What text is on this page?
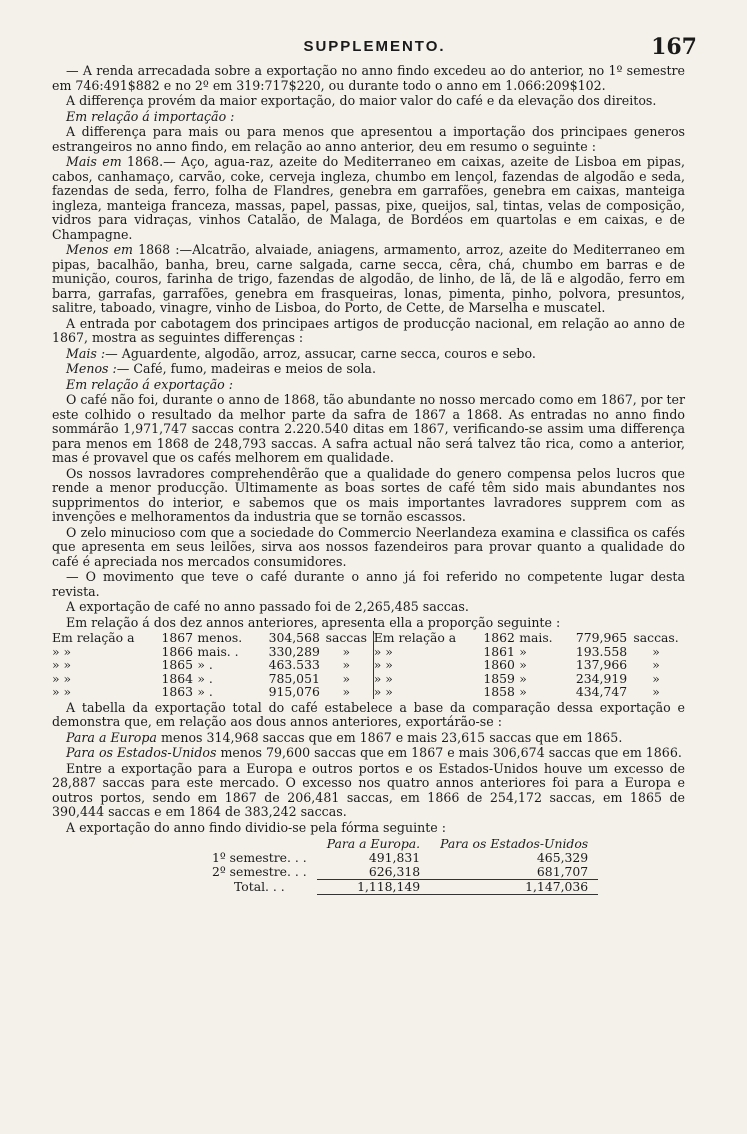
SUPPLEMENTO.	167

— A renda arrecadada sobre a exportação no anno findo excedeu ao do anterior, no 1º semestre em 746:491$882 e no 2º em 319:717$220, ou durante todo o anno em 1.066:209$102.

A differença provém da maior exportação, do maior valor do café e da elevação dos direitos.

Em relação á importação :

A differença para mais ou para menos que apresentou a importação dos principaes generos estrangeiros no anno findo, em relação ao anno anterior, deu em resumo o seguinte :

Mais em 1868.— Aço, agua-raz, azeite do Mediterraneo em caixas, azeite de Lisboa em pipas, cabos, canhamaço, carvão, coke, cerveja ingleza, chumbo em lençol, fazendas de algodão e seda, fazendas de seda, ferro, folha de Flandres, genebra em garrafões, genebra em caixas, manteiga ingleza, manteiga franceza, massas, papel, passas, pixe, queijos, sal, tintas, velas de composição, vidros para vidraças, vinhos Catalão, de Malaga, de Bordéos em quartolas e em caixas, e de Champagne.

Menos em 1868 :—Alcatrão, alvaiade, aniagens, armamento, arroz, azeite do Mediterraneo em pipas, bacalhão, banha, breu, carne salgada, carne secca, cêra, chá, chumbo em barras e de munição, couros, farinha de trigo, fazendas de algodão, de linho, de lã, de lã e algodão, ferro em barra, garrafas, garrafões, genebra em frasqueiras, lonas, pimenta, pinho, polvora, presuntos, salitre, taboado, vinagre, vinho de Lisboa, do Porto, de Cette, de Marselha e muscatel.

A entrada por cabotagem dos principaes artigos de producção nacional, em relação ao anno de 1867, mostra as seguintes differenças :

Mais :— Aguardente, algodão, arroz, assucar, carne secca, couros e sebo.

Menos :— Café, fumo, madeiras e meios de sola.

Em relação á exportação :

O café não foi, durante o anno de 1868, tão abundante no nosso mercado como em 1867, por ter este colhido o resultado da melhor parte da safra de 1867 a 1868. As entradas no anno findo sommárão 1,971,747 saccas contra 2.220.540 ditas em 1867, verificando-se assim uma differença para menos em 1868 de 248,793 saccas. A safra actual não será talvez tão rica, como a anterior, mas é provavel que os cafés melhorem em qualidade.

Os nossos lavradores comprehendêrão que a qualidade do genero compensa pelos lucros que rende a menor producção. Ultimamente as boas sortes de café têm sido mais abundantes nos supprimentos do interior, e sabemos que os mais importantes lavradores supprem com as invenções e melhoramentos da industria que se tornão escassos.

O zelo minucioso com que a sociedade do Commercio Neerlandeza examina e classifica os cafés que apresenta em seus leilões, sirva aos nossos fazendeiros para provar quanto a qualidade do café é apreciada nos mercados consumidores.

— O movimento que teve o café durante o anno já foi referido no competente lugar desta revista.

A exportação de café no anno passado foi de 2,265,485 saccas.

Em relação á dos dez annos anteriores, apresenta ella a proporção seguinte :

Em relação a	1867	menos.	304,568	saccas	Em relação a	1862	mais.	779,965	saccas.
» »	1866	mais. .	330,289	»	» »	1861	»	193.558	»
» »	1865	» .	463.533	»	» »	1860	»	137,966	»
» »	1864	» .	785,051	»	» »	1859	»	234,919	»
» »	1863	» .	915,076	»	» »	1858	»	434,747	»

A tabella da exportação total do café estabelece a base da comparação dessa exportação e demonstra que, em relação aos dous annos anteriores, exportárão-se :

Para a Europa menos 314,968 saccas que em 1867 e mais 23,615 saccas que em 1865.

Para os Estados-Unidos menos 79,600 saccas que em 1867 e mais 306,674 saccas que em 1866.

Entre a exportação para a Europa e outros portos e os Estados-Unidos houve um excesso de 28,887 saccas para este mercado. O excesso nos quatro annos anteriores foi para a Europa e outros portos, sendo em 1867 de 206,481 saccas, em 1866 de 254,172 saccas, em 1865 de 390,444 saccas e em 1864 de 383,242 saccas.

A exportação do anno findo dividio-se pela fórma seguinte :

	Para a Europa.	Para os Estados-Unidos
1º semestre. . .	491,831	465,329
2º semestre. . .	626,318	681,707
Total. . .	1,118,149	1,147,036
